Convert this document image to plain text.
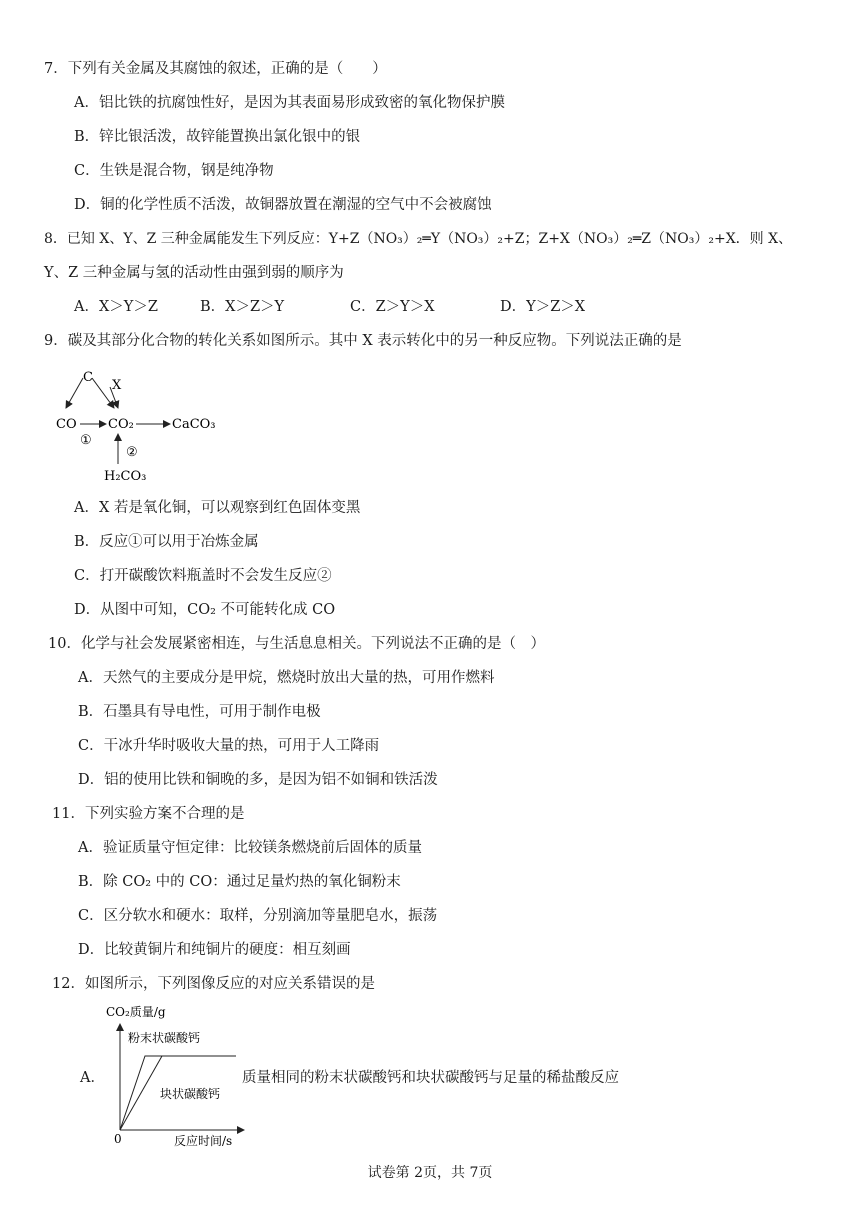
7．下列有关金属及其腐蚀的叙述，正确的是（　　）
A．铝比铁的抗腐蚀性好，是因为其表面易形成致密的氧化物保护膜
B．锌比银活泼，故锌能置换出氯化银中的银
C．生铁是混合物，钢是纯净物
D．铜的化学性质不活泼，故铜器放置在潮湿的空气中不会被腐蚀
8．已知 X、Y、Z 三种金属能发生下列反应：Y+Z（NO₃）₂═Y（NO₃）₂+Z；Z+X（NO₃）₂═Z（NO₃）₂+X．则 X、
Y、Z 三种金属与氢的活动性由强到弱的顺序为
A．X＞Y＞Z	B．X＞Z＞Y	C．Z＞Y＞X	D．Y＞Z＞X
9．碳及其部分化合物的转化关系如图所示。其中 X 表示转化中的另一种反应物。下列说法正确的是
C
X
CO CO₂	CaCO₃
①
②
H₂CO₃
A．X 若是氧化铜，可以观察到红色固体变黑
B．反应①可以用于冶炼金属
C．打开碳酸饮料瓶盖时不会发生反应②
D．从图中可知，CO₂ 不可能转化成 CO
10．化学与社会发展紧密相连，与生活息息相关。下列说法不正确的是（　）
A．天然气的主要成分是甲烷，燃烧时放出大量的热，可用作燃料
B．石墨具有导电性，可用于制作电极
C．干冰升华时吸收大量的热，可用于人工降雨
D．铝的使用比铁和铜晚的多，是因为铝不如铜和铁活泼
11．下列实验方案不合理的是
A．验证质量守恒定律：比较镁条燃烧前后固体的质量
B．除 CO₂ 中的 CO：通过足量灼热的氧化铜粉末
C．区分软水和硬水：取样，分别滴加等量肥皂水，振荡
D．比较黄铜片和纯铜片的硬度：相互刻画
12．如图所示，下列图像反应的对应关系错误的是
A．
CO₂质量/g
0	反应时间/s
粉末状碳酸钙
块状碳酸钙
质量相同的粉末状碳酸钙和块状碳酸钙与足量的稀盐酸反应
试卷第 2页，共 7页
